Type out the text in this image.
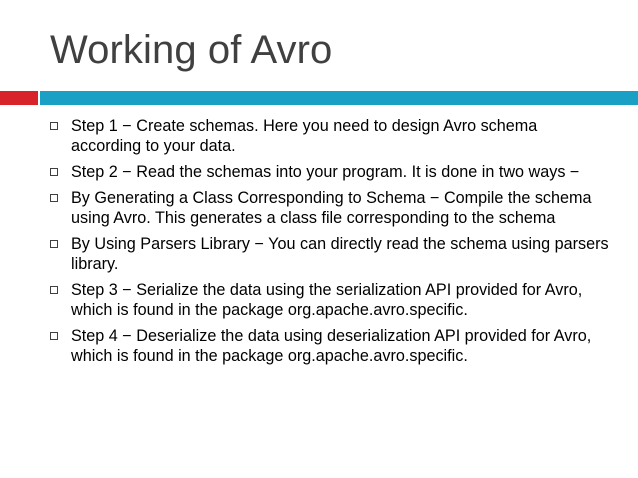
Working of Avro
Step 1 − Create schemas. Here you need to design Avro schema according to your data.
Step 2 − Read the schemas into your program. It is done in two ways −
By Generating a Class Corresponding to Schema − Compile the schema using Avro. This generates a class file corresponding to the schema
By Using Parsers Library − You can directly read the schema using parsers library.
Step 3 − Serialize the data using the serialization API provided for Avro, which is found in the package org.apache.avro.specific.
Step 4 − Deserialize the data using deserialization API provided for Avro, which is found in the package org.apache.avro.specific.
